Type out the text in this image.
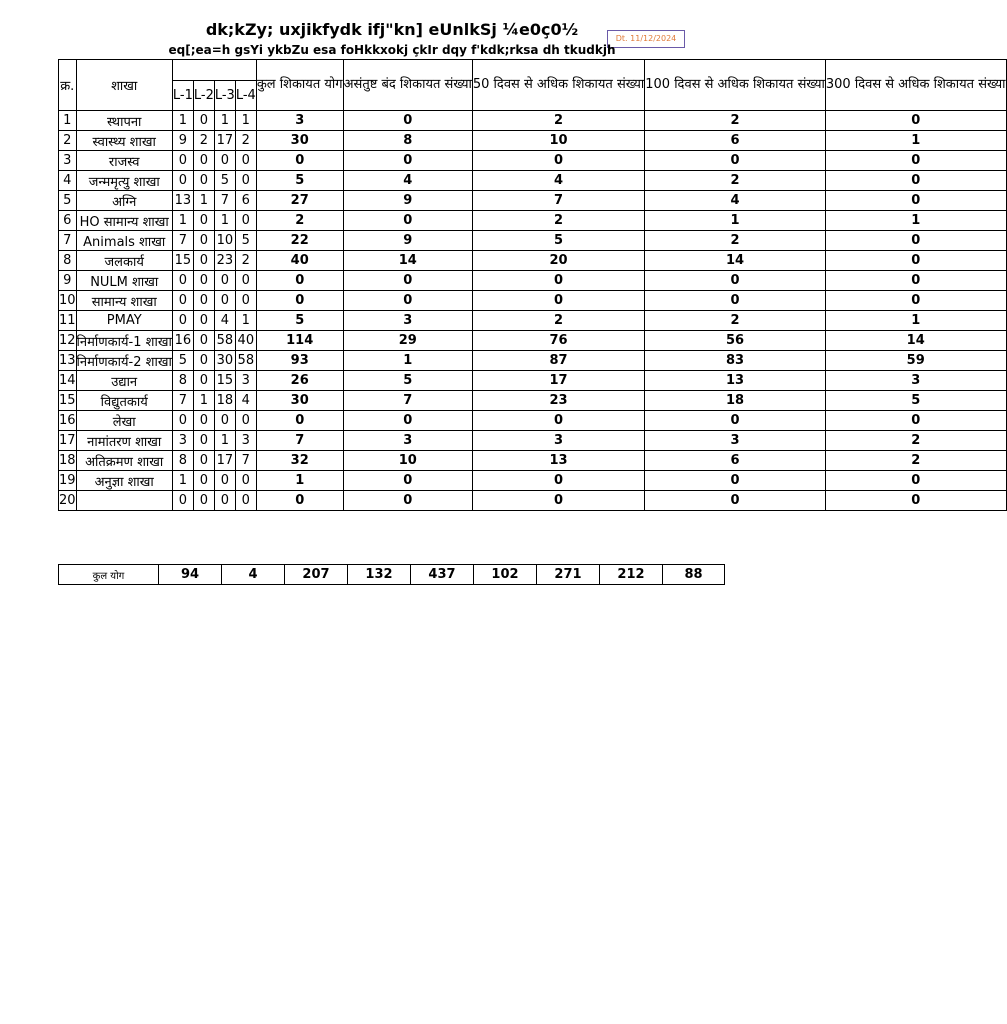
dk;kZy; uxjikfydk ifj"kn] eUnlkSj ¼e0ç0½	Dt. 11/12/2024
eq[;ea=h gsYi ykbZu esa foHkkxokj çkIr dqy f'kdk;rksa dh tkudkjh
क्र.	शाखा					कुल शिकायत योग	असंतुष्ट बंद शिकायत संख्या	50 दिवस से अधिक शिकायत संख्या	100 दिवस से अधिक शिकायत संख्या	300 दिवस से अधिक शिकायत संख्या
		L-1	L-2	L-3	L-4					
1	स्थापना	1	0	1	1	3	0	2	2	0
2	स्वास्थ्य शाखा	9	2	17	2	30	8	10	6	1
3	राजस्व	0	0	0	0	0	0	0	0	0
4	जन्ममृत्यु शाखा	0	0	5	0	5	4	4	2	0
5	अग्नि	13	1	7	6	27	9	7	4	0
6	HO सामान्य शाखा	1	0	1	0	2	0	2	1	1
7	Animals शाखा	7	0	10	5	22	9	5	2	0
8	जलकार्य	15	0	23	2	40	14	20	14	0
9	NULM शाखा	0	0	0	0	0	0	0	0	0
10	सामान्य शाखा	0	0	0	0	0	0	0	0	0
11	PMAY	0	0	4	1	5	3	2	2	1
12	निर्माणकार्य-1 शाखा	16	0	58	40	114	29	76	56	14
13	निर्माणकार्य-2 शाखा	5	0	30	58	93	1	87	83	59
14	उद्यान	8	0	15	3	26	5	17	13	3
15	विद्युतकार्य	7	1	18	4	30	7	23	18	5
16	लेखा	0	0	0	0	0	0	0	0	0
17	नामांतरण शाखा	3	0	1	3	7	3	3	3	2
18	अतिक्रमण शाखा	8	0	17	7	32	10	13	6	2
19	अनुज्ञा शाखा	1	0	0	0	1	0	0	0	0
20		0	0	0	0	0	0	0	0	0
कुल योग	94	4	207	132	437	102	271	212	88
